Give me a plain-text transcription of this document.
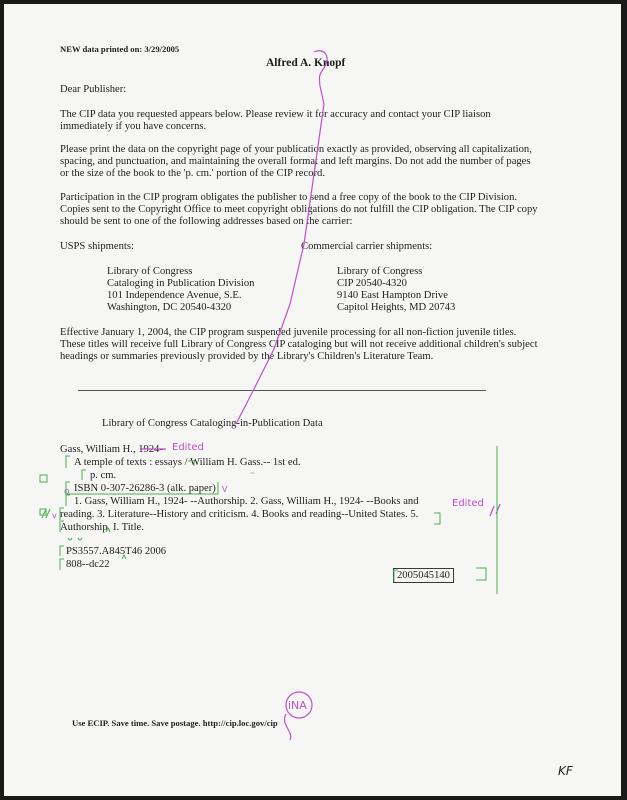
NEW data printed on: 3/29/2005
Alfred A. Knopf
Dear Publisher:
The CIP data you requested appears below. Please review it for accuracy and contact your CIP liaison
immediately if you have concerns.
Please print the data on the copyright page of your publication exactly as provided, observing all capitalization,
spacing, and punctuation, and maintaining the overall format and left margins. Do not add the number of pages
or the size of the book to the 'p. cm.' portion of the CIP record.
Participation in the CIP program obligates the publisher to send a free copy of the book to the CIP Division.
Copies sent to the Copyright Office to meet copyright obligations do not fulfill the CIP obligation. The CIP copy
should be sent to one of the following addresses based on the carrier:
USPS shipments:	Commercial carrier shipments:
Library of Congress
Cataloging in Publication Division
101 Independence Avenue, S.E.
Washington, DC 20540-4320
Library of Congress
CIP 20540-4320
9140 East Hampton Drive
Capitol Heights, MD 20743
Effective January 1, 2004, the CIP program suspended juvenile processing for all non-fiction juvenile titles.
These titles will receive full Library of Congress CIP cataloging but will not receive additional children's subject
headings or summaries previously provided by the Library's Children's Literature Team.
Library of Congress Cataloging-in-Publication Data
Gass, William H., 1924-
A temple of texts : essays / William H. Gass.-- 1st ed.
p. cm.
ISBN 0-307-26286-3 (alk. paper)
1. Gass, William H., 1924- --Authorship. 2. Gass, William H., 1924- --Books and
reading. 3. Literature--History and criticism. 4. Books and reading--United States. 5.
Authorship. I. Title.
PS3557.A845T46 2006
808--dc22
2005045140
Use ECIP. Save time. Save postage. http://cip.loc.gov/cip
Edited
Edited
iNA
KF
~
o	V
v
